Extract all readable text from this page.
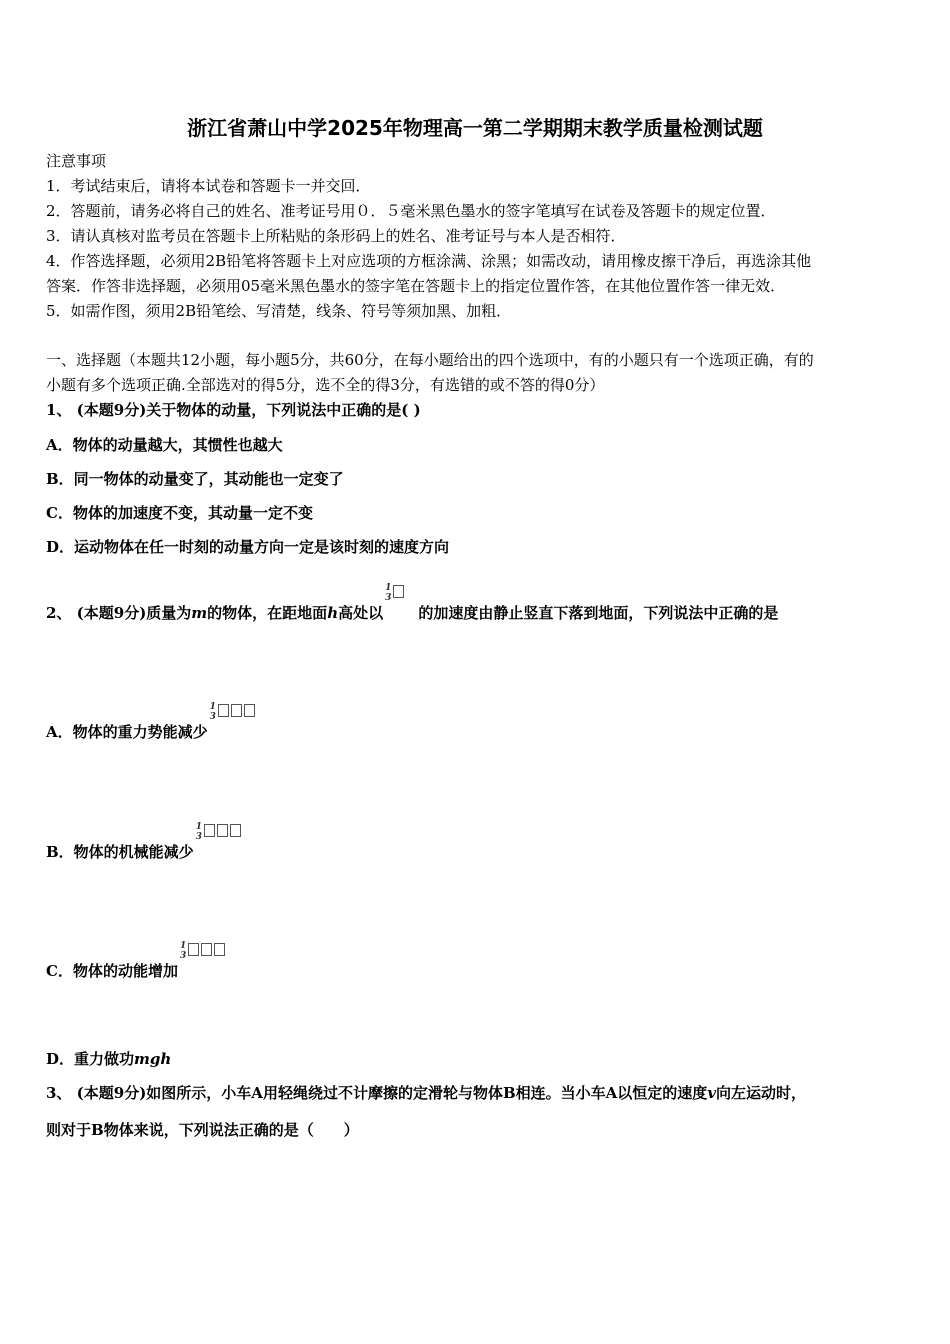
浙江省萧山中学2025年物理高一第二学期期末教学质量检测试题
注意事项
1．考试结束后，请将本试卷和答题卡一并交回．
2．答题前，请务必将自己的姓名、准考证号用０．５毫米黑色墨水的签字笔填写在试卷及答题卡的规定位置．
3．请认真核对监考员在答题卡上所粘贴的条形码上的姓名、准考证号与本人是否相符．
4．作答选择题，必须用2B铅笔将答题卡上对应选项的方框涂满、涂黑；如需改动，请用橡皮擦干净后，再选涂其他
答案．作答非选择题，必须用05毫米黑色墨水的签字笔在答题卡上的指定位置作答，在其他位置作答一律无效．
5．如需作图，须用2B铅笔绘、写清楚，线条、符号等须加黑、加粗．
一、选择题（本题共12小题，每小题5分，共60分，在每小题给出的四个选项中，有的小题只有一个选项正确，有的
小题有多个选项正确.全部选对的得5分，选不全的得3分，有选错的或不答的得0分）
1、 (本题9分)关于物体的动量，下列说法中正确的是( )
A．物体的动量越大，其惯性也越大
B．同一物体的动量变了，其动能也一定变了
C．物体的加速度不变，其动量一定不变
D．运动物体在任一时刻的动量方向一定是该时刻的速度方向
2、 (本题9分)质量为m的物体，在距地面h高处以
1
3
的加速度由静止竖直下落到地面，下列说法中正确的是
A．物体的重力势能减少
1
3
B．物体的机械能减少
1
3
C．物体的动能增加
1
3
D．重力做功mgh
3、 (本题9分)如图所示，小车A用轻绳绕过不计摩擦的定滑轮与物体B相连。当小车A以恒定的速度v向左运动时，
则对于B物体来说，下列说法正确的是（　　）
